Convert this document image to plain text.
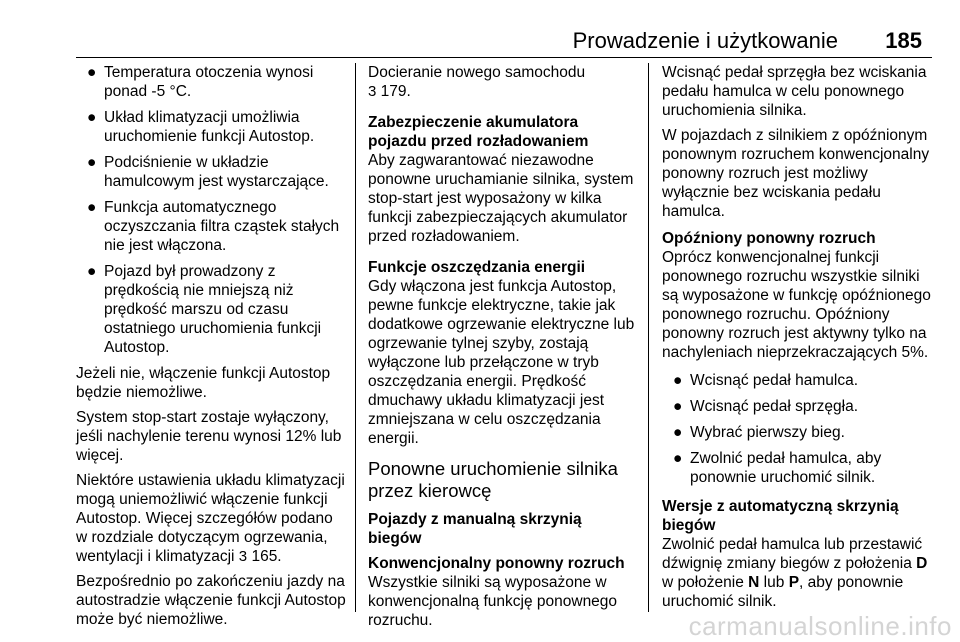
Prowadzenie i użytkowanie 185
● Temperatura otoczenia wynosi ponad -5 °C.
● Układ klimatyzacji umożliwia uruchomienie funkcji Autostop.
● Podciśnienie w układzie hamulcowym jest wystarczające.
● Funkcja automatycznego oczyszczania filtra cząstek stałych nie jest włączona.
● Pojazd był prowadzony z prędkością nie mniejszą niż prędkość marszu od czasu ostatniego uruchomienia funkcji Autostop.

Jeżeli nie, włączenie funkcji Autostop będzie niemożliwe.

System stop-start zostaje wyłączony, jeśli nachylenie terenu wynosi 12% lub więcej.

Niektóre ustawienia układu klimatyzacji mogą uniemożliwić włączenie funkcji Autostop. Więcej szczegółów podano w rozdziale dotyczącym ogrzewania, wentylacji i klimatyzacji 3 165.

Bezpośrednio po zakończeniu jazdy na autostradzie włączenie funkcji Autostop może być niemożliwe.

Docieranie nowego samochodu
3 179.

Zabezpieczenie akumulatora pojazdu przed rozładowaniem

Aby zagwarantować niezawodne ponowne uruchamianie silnika, system stop-start jest wyposażony w kilka funkcji zabezpieczających akumulator przed rozładowaniem.

Funkcje oszczędzania energii

Gdy włączona jest funkcja Autostop, pewne funkcje elektryczne, takie jak dodatkowe ogrzewanie elektryczne lub ogrzewanie tylnej szyby, zostają wyłączone lub przełączone w tryb oszczędzania energii. Prędkość dmuchawy układu klimatyzacji jest zmniejszana w celu oszczędzania energii.

Ponowne uruchomienie silnika przez kierowcę

Pojazdy z manualną skrzynią biegów

Konwencjonalny ponowny rozruch

Wszystkie silniki są wyposażone w konwencjonalną funkcję ponownego rozruchu.

Wcisnąć pedał sprzęgła bez wciskania pedału hamulca w celu ponownego uruchomienia silnika.

W pojazdach z silnikiem z opóźnionym ponownym rozruchem konwencjonalny ponowny rozruch jest możliwy wyłącznie bez wciskania pedału hamulca.

Opóźniony ponowny rozruch

Oprócz konwencjonalnej funkcji ponownego rozruchu wszystkie silniki są wyposażone w funkcję opóźnionego ponownego rozruchu. Opóźniony ponowny rozruch jest aktywny tylko na nachyleniach nieprzekraczających 5%.

● Wcisnąć pedał hamulca.
● Wcisnąć pedał sprzęgła.
● Wybrać pierwszy bieg.
● Zwolnić pedał hamulca, aby ponownie uruchomić silnik.

Wersje z automatyczną skrzynią biegów

Zwolnić pedał hamulca lub przestawić dźwignię zmiany biegów z położenia D w położenie N lub P, aby ponownie uruchomić silnik.

carmanualsonline.info
